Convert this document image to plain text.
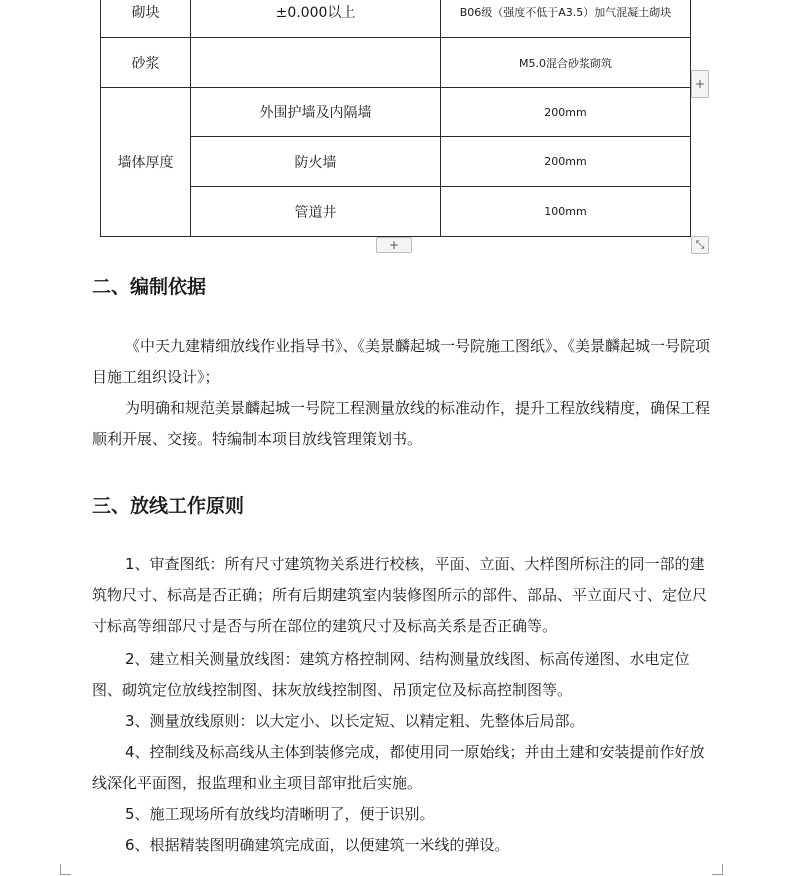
砌块	±0.000以上	B06级（强度不低于A3.5）加气混凝土砌块
砂浆		M5.0混合砂浆砌筑
墙体厚度	外围护墙及内隔墙	200mm
	防火墙	200mm
	管道井	100mm
+
+	⤡
二、编制依据

《中天九建精细放线作业指导书》、《美景麟起城一号院施工图纸》、《美景麟起城一号院项目施工组织设计》；

为明确和规范美景麟起城一号院工程测量放线的标准动作，提升工程放线精度，确保工程顺利开展、交接。特编制本项目放线管理策划书。

三、放线工作原则

1、审查图纸：所有尺寸建筑物关系进行校核，平面、立面、大样图所标注的同一部的建筑物尺寸、标高是否正确；所有后期建筑室内装修图所示的部件、部品、平立面尺寸、定位尺寸标高等细部尺寸是否与所在部位的建筑尺寸及标高关系是否正确等。

2、建立相关测量放线图：建筑方格控制网、结构测量放线图、标高传递图、水电定位图、砌筑定位放线控制图、抹灰放线控制图、吊顶定位及标高控制图等。

3、测量放线原则：以大定小、以长定短、以精定粗、先整体后局部。

4、控制线及标高线从主体到装修完成，都使用同一原始线；并由土建和安装提前作好放线深化平面图，报监理和业主项目部审批后实施。

5、施工现场所有放线均清晰明了，便于识别。

6、根据精装图明确建筑完成面，以便建筑一米线的弹设。
